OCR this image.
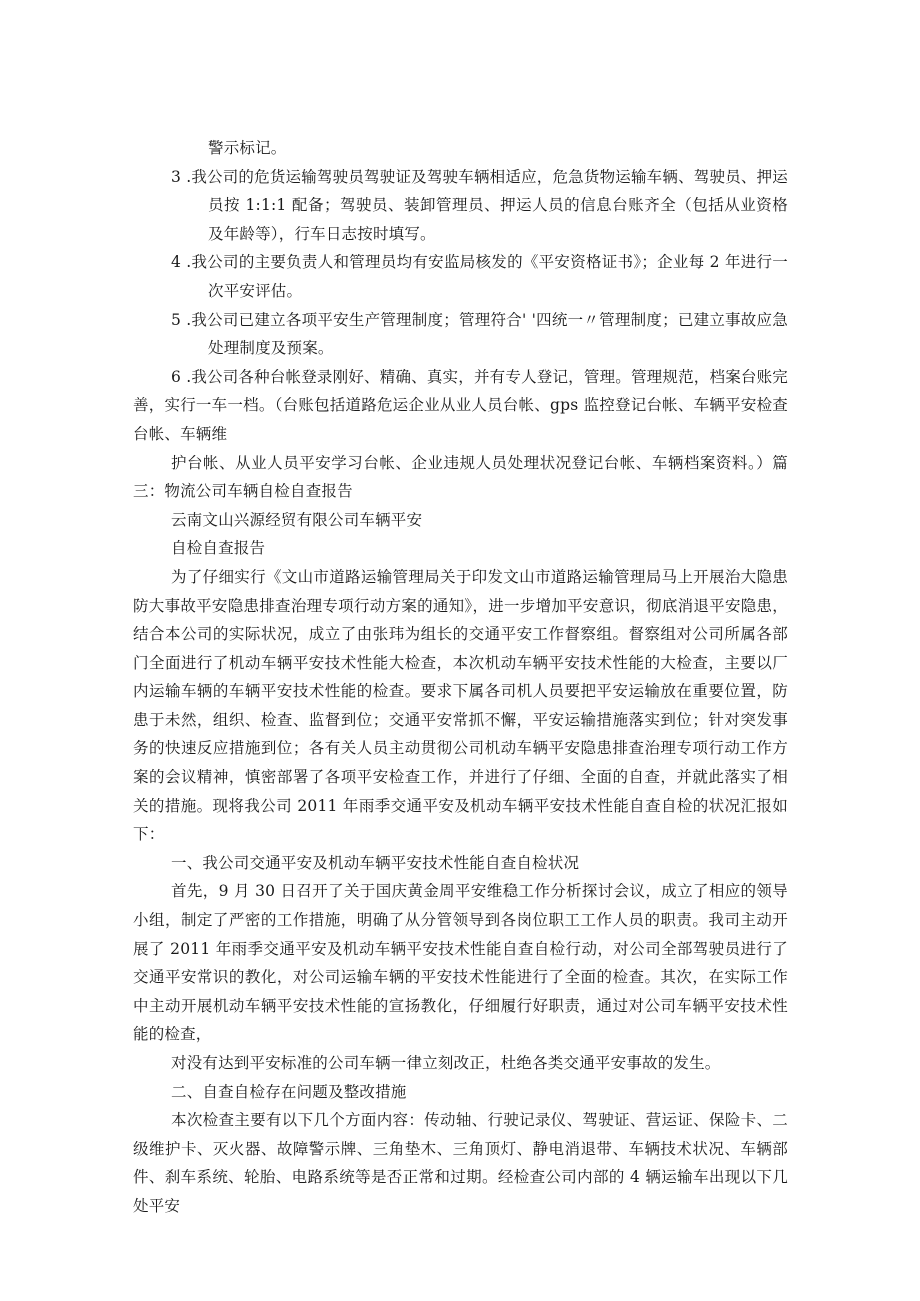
警示标记。

3 .我公司的危货运输驾驶员驾驶证及驾驶车辆相适应，危急货物运输车辆、驾驶员、押运员按 1:1:1 配备；驾驶员、装卸管理员、押运人员的信息台账齐全（包括从业资格及年龄等），行车日志按时填写。

4 .我公司的主要负责人和管理员均有安监局核发的《平安资格证书》；企业每 2 年进行一次平安评估。

5 .我公司已建立各项平安生产管理制度；管理符合' '四统一〃管理制度；已建立事故应急处理制度及预案。

6 .我公司各种台帐登录刚好、精确、真实，并有专人登记，管理。管理规范，档案台账完善，实行一车一档。（台账包括道路危运企业从业人员台帐、gps 监控登记台帐、车辆平安检查台帐、车辆维

护台帐、从业人员平安学习台帐、企业违规人员处理状况登记台帐、车辆档案资料。）篇三：物流公司车辆自检自查报告

云南文山兴源经贸有限公司车辆平安

自检自查报告

为了仔细实行《文山市道路运输管理局关于印发文山市道路运输管理局马上开展治大隐患防大事故平安隐患排查治理专项行动方案的通知》，进一步增加平安意识，彻底消退平安隐患，结合本公司的实际状况，成立了由张玮为组长的交通平安工作督察组。督察组对公司所属各部门全面进行了机动车辆平安技术性能大检查，本次机动车辆平安技术性能的大检查，主要以厂内运输车辆的车辆平安技术性能的检查。要求下属各司机人员要把平安运输放在重要位置，防患于未然，组织、检查、监督到位；交通平安常抓不懈，平安运输措施落实到位；针对突发事务的快速反应措施到位；各有关人员主动贯彻公司机动车辆平安隐患排查治理专项行动工作方案的会议精神，慎密部署了各项平安检查工作，并进行了仔细、全面的自查，并就此落实了相关的措施。现将我公司 2011 年雨季交通平安及机动车辆平安技术性能自查自检的状况汇报如下：

一、我公司交通平安及机动车辆平安技术性能自查自检状况

首先，9 月 30 日召开了关于国庆黄金周平安维稳工作分析探讨会议，成立了相应的领导小组，制定了严密的工作措施，明确了从分管领导到各岗位职工工作人员的职责。我司主动开展了 2011 年雨季交通平安及机动车辆平安技术性能自查自检行动，对公司全部驾驶员进行了交通平安常识的教化，对公司运输车辆的平安技术性能进行了全面的检查。其次，在实际工作中主动开展机动车辆平安技术性能的宣扬教化，仔细履行好职责，通过对公司车辆平安技术性能的检查，

对没有达到平安标准的公司车辆一律立刻改正，杜绝各类交通平安事故的发生。

二、自查自检存在问题及整改措施

本次检查主要有以下几个方面内容：传动轴、行驶记录仪、驾驶证、营运证、保险卡、二级维护卡、灭火器、故障警示牌、三角垫木、三角顶灯、静电消退带、车辆技术状况、车辆部件、刹车系统、轮胎、电路系统等是否正常和过期。经检查公司内部的 4 辆运输车出现以下几处平安
